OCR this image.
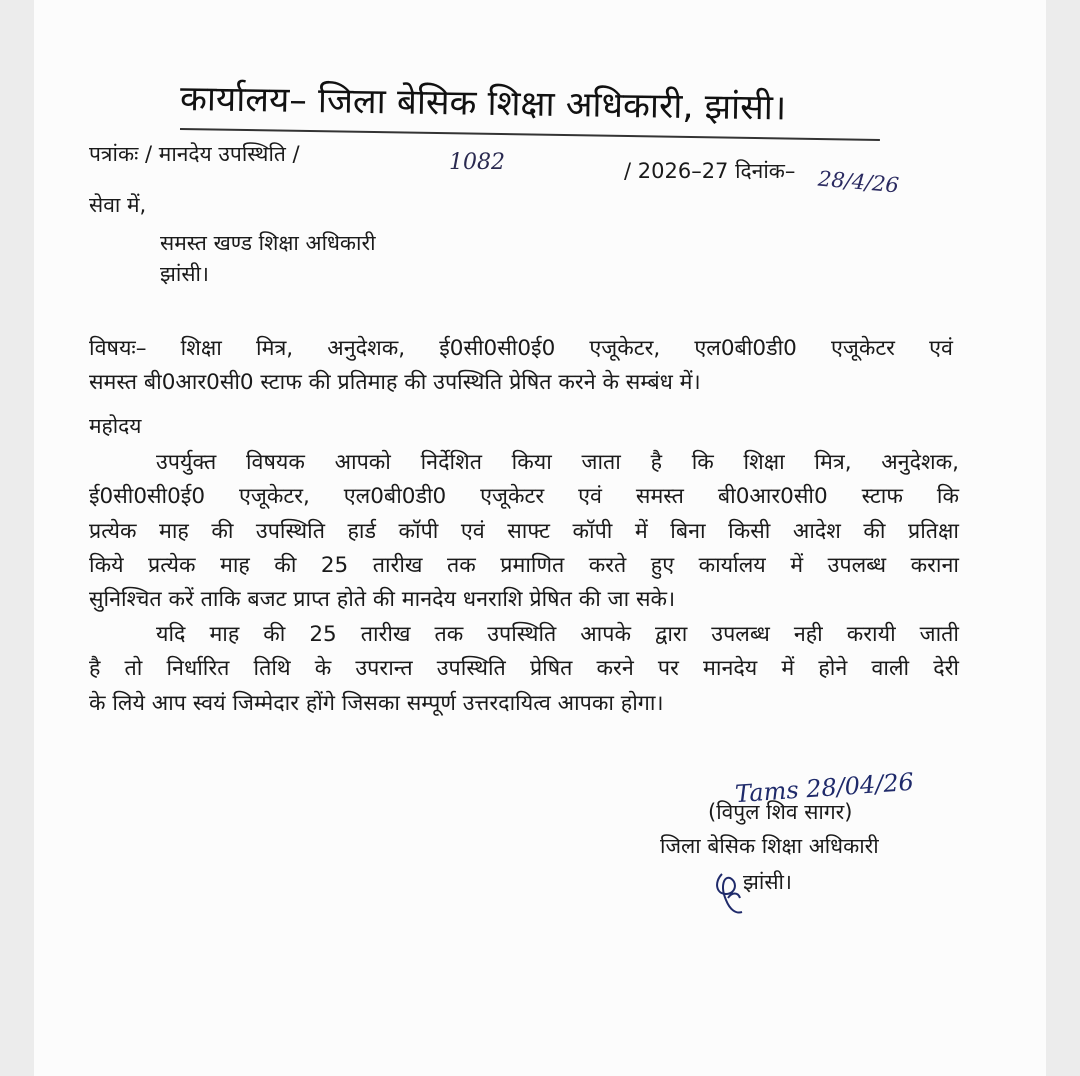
कार्यालय– जिला बेसिक शिक्षा अधिकारी, झांसी।
पत्रांकः / मानदेय उपस्थिति /	1082	/ 2026–27 दिनांक– 28/4/26
सेवा में,
समस्त खण्ड शिक्षा अधिकारी
झांसी।
विषयः– शिक्षा मित्र, अनुदेशक, ई0सी0सी0ई0 एजूकेटर, एल0बी0डी0 एजूकेटर एवं
समस्त बी0आर0सी0 स्टाफ की प्रतिमाह की उपस्थिति प्रेषित करने के सम्बंध में।
महोदय
उपर्युक्त विषयक आपको निर्देशित किया जाता है कि शिक्षा मित्र, अनुदेशक,
ई0सी0सी0ई0 एजूकेटर, एल0बी0डी0 एजूकेटर एवं समस्त बी0आर0सी0 स्टाफ कि
प्रत्येक माह की उपस्थिति हार्ड कॉपी एवं साफ्ट कॉपी में बिना किसी आदेश की प्रतिक्षा
किये प्रत्येक माह की 25 तारीख तक प्रमाणित करते हुए कार्यालय में उपलब्ध कराना
सुनिश्चित करें ताकि बजट प्राप्त होते की मानदेय धनराशि प्रेषित की जा सके।
यदि माह की 25 तारीख तक उपस्थिति आपके द्वारा उपलब्ध नही करायी जाती
है तो निर्धारित तिथि के उपरान्त उपस्थिति प्रेषित करने पर मानदेय में होने वाली देरी
के लिये आप स्वयं जिम्मेदार होंगे जिसका सम्पूर्ण उत्तरदायित्व आपका होगा।
Tams 28/04/26
(विपुल शिव सागर)
जिला बेसिक शिक्षा अधिकारी
झांसी।
